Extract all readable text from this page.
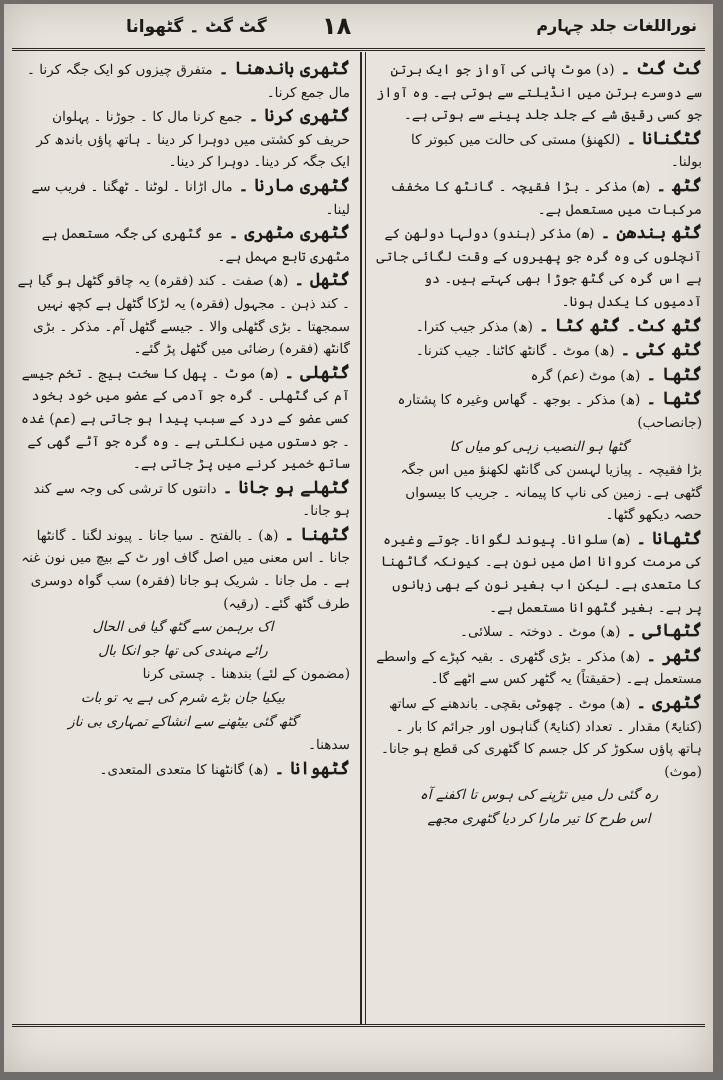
گٹ گٹ ۔ گٹھوانا ۱۸	نوراللغات جلد چہارم
گٹ گٹ ۔ (د) موٹ پانی کی آواز جو ایک برتن سے دوسرے برتن میں انڈیلتے سے ہوتی ہے۔ وہ آواز جو کسی رقیق شے کے جلد جلد پینے سے ہوتی ہے۔
گٹگنانا ۔ (لکھنؤ) مستی کی حالت میں کبوتر کا بولنا۔
گٹھ ۔ (ھ) مذکر ۔ بڑا فقیچہ ۔ گانٹھ کا مخفف مرکبات میں مستعمل ہے۔
گٹھ بندھن ۔ (ھ) مذکر (ہندو) دولہا دولھن کے آنچلوں کی وہ گرہ جو پھیروں کے وقت لگائی جاتی ہے اس گرہ کی گٹھ جوڑا بھی کہتے ہیں۔ دو آدمیوں کا یکدل ہونا۔
گٹھ کٹ۔ گٹھ کٹا ۔ (ھ) مذکر جیب کترا۔
گٹھ کٹی ۔ (ھ) موٹ ۔ گانٹھ کاٹنا۔ جیب کترنا۔
گٹھا ۔ (ھ) موٹ (عم) گرہ
گٹھا ۔ (ھ) مذکر ۔ بوجھ ۔ گھاس وغیرہ کا پشتارہ (جانصاحب)
گٹھا ہو النصیب زہی کو میاں کا
بڑا فقیچہ ۔ پیازیا لہسن کی گانٹھ لکھنؤ میں اس جگہ گٹھی ہے۔ زمین کی ناپ کا پیمانہ ۔ جریب کا بیسواں حصہ دیکھو گٹھا۔
گٹھانا ۔ (ھ) سلوانا۔ پیوند لگوانا۔ جوتے وغیرہ کی مرمت کروانا اصل میں نون ہے۔ کیونکہ گاٹھنا کا متعدی ہے۔ لیکن اب بغیر نون کے بھی زبانوں پر ہے۔ بغیر گٹھوانا مستعمل ہے۔
گٹھائی ۔ (ھ) موٹ ۔ دوختہ ۔ سلائی۔
گٹھر ۔ (ھ) مذکر ۔ بڑی گٹھری ۔ بقیہ کپڑے کے واسطے مستعمل ہے۔ (حقیقتاً) یہ گٹھر کس سے اٹھے گا۔
گٹھری ۔ (ھ) موٹ ۔ چھوٹی بقچی۔ باندھنے کے ساتھ (کنایۃً) مقدار ۔ تعداد (کنایۃً) گناہوں اور جرائم کا بار ۔ ہاتھ پاؤں سکوڑ کر کل جسم کا گٹھری کی قطع ہو جانا۔ (موث)
رہ گئی دل میں تڑپنے کی ہوس تا اکفنے آہ
اس طرح کا تیر مارا کر دیا گٹھری مجھے
گٹھری باندھنا ۔ متفرق چیزوں کو ایک جگہ کرنا ۔ مال جمع کرنا۔
گٹھری کرنا ۔ جمع کرنا مال کا ۔ جوڑنا ۔ پہلوان حریف کو کشتی میں دوہرا کر دینا ۔ ہاتھ پاؤں باندھ کر ایک جگہ کر دینا۔ دوہرا کر دینا۔
گٹھری مارنا ۔ مال اڑانا ۔ لوٹنا ۔ ٹھگنا ۔ فریب سے لینا۔
گٹھری مٹھری ۔ عو گٹھری کی جگہ مستعمل ہے مٹھری تابع مہمل ہے۔
گٹھل ۔ (ھ) صفت ۔ کند (فقرہ) یہ چاقو گٹھل ہو گیا ہے ۔ کند ذہن ۔ مجہول (فقرہ) یہ لڑکا گٹھل ہے کچھ نہیں سمجھتا ۔ بڑی گٹھلی والا ۔ جیسے گٹھل آم۔ مذکر ۔ بڑی گانٹھ (فقرہ) رضائی میں گٹھل پڑ گئے۔
گٹھلی ۔ (ھ) موٹ ۔ پھل کا سخت بیج ۔ تخم جیسے آم کی گٹھلی ۔ گرہ جو آدمی کے عضو میں خود بخود کسی عضو کے درد کے سبب پیدا ہو جاتی ہے (عم) غدہ ۔ جو دستوں میں نکلتی ہے ۔ وہ گرہ جو آٹے گھی کے ساتھ خمیر کرنے میں پڑ جاتی ہے۔
گٹھلے ہو جانا ۔ دانتوں کا ترشی کی وجہ سے کند ہو جانا۔
گٹھنا ۔ (ھ) ۔ بالفتح ۔ سیا جانا ۔ پیوند لگنا ۔ گانٹھا جانا ۔ اس معنی میں اصل گاف اور ٹ کے بیچ میں نون غنہ ہے ۔ مل جانا ۔ شریک ہو جانا (فقرہ) سب گواہ دوسری طرف گٹھ گئے۔ (رقیہ)
اک برہمن سے گٹھ گیا فی الحال
رائے مہندی کی تھا جو انکا بال
(مضمون کے لئے) بندھنا ۔ چستی کرنا
بیکیا جان بڑے شرم کی ہے یہ تو بات
گٹھ گئی بیٹھنے سے انشاکے تمہاری بی ناز
سدھنا۔
گٹھوانا ۔ (ھ) گانٹھنا کا متعدی المتعدی۔
